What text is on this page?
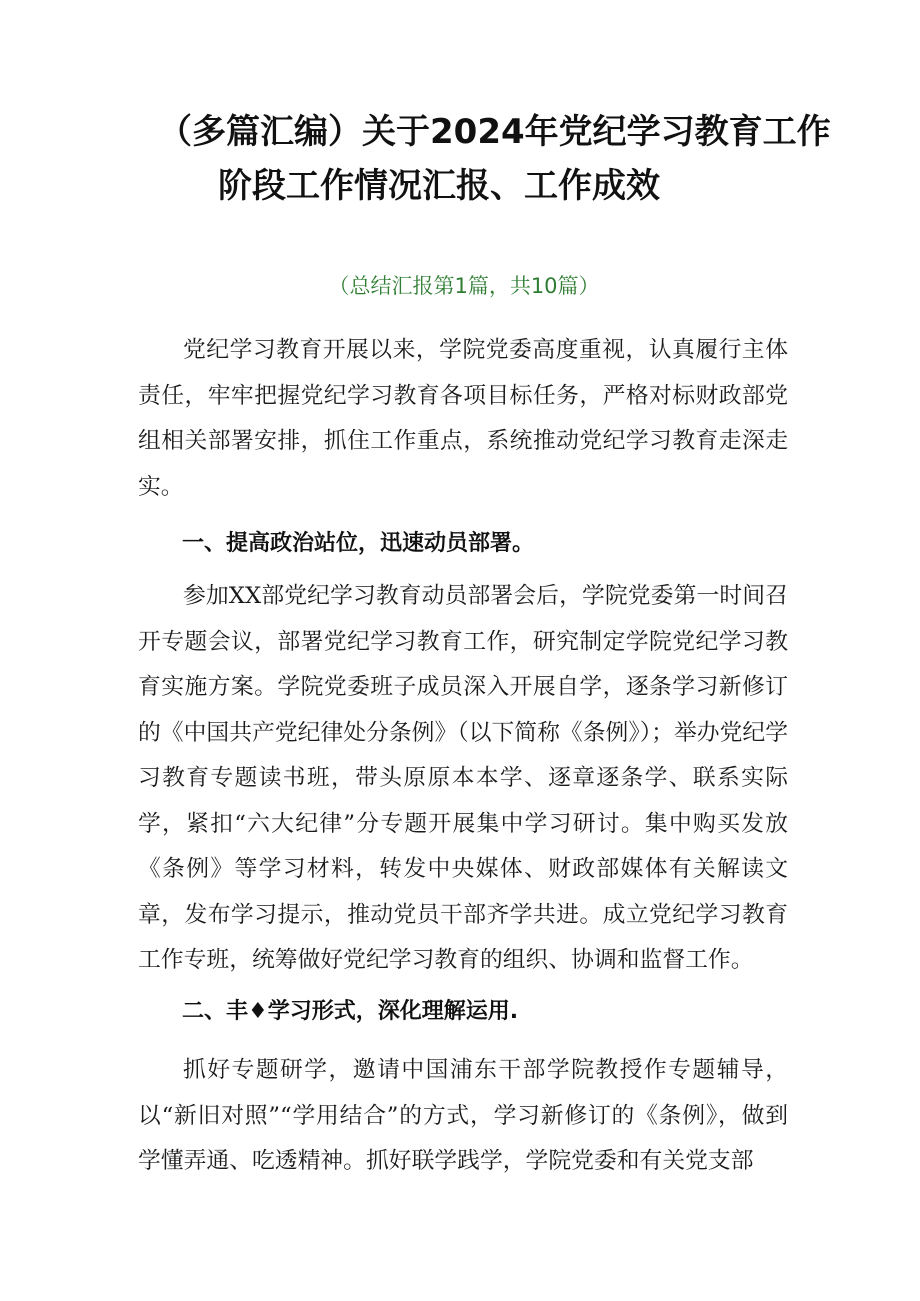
（多篇汇编）关于2024年党纪学习教育工作
阶段工作情况汇报、工作成效
（总结汇报第1篇，共10篇）

党纪学习教育开展以来，学院党委高度重视，认真履行主体责任，牢牢把握党纪学习教育各项目标任务，严格对标财政部党组相关部署安排，抓住工作重点，系统推动党纪学习教育走深走实。

一、提高政治站位，迅速动员部署。

参加XX部党纪学习教育动员部署会后，学院党委第一时间召开专题会议，部署党纪学习教育工作，研究制定学院党纪学习教育实施方案。学院党委班子成员深入开展自学，逐条学习新修订的《中国共产党纪律处分条例》（以下简称《条例》）；举办党纪学习教育专题读书班，带头原原本本学、逐章逐条学、联系实际学，紧扣“六大纪律”分专题开展集中学习研讨。集中购买发放《条例》等学习材料，转发中央媒体、财政部媒体有关解读文章，发布学习提示，推动党员干部齐学共进。成立党纪学习教育工作专班，统筹做好党纪学习教育的组织、协调和监督工作。

二、丰♦学习形式，深化理解运用.

抓好专题研学，邀请中国浦东干部学院教授作专题辅导，以“新旧对照”“学用结合”的方式，学习新修订的《条例》，做到学懂弄通、吃透精神。抓好联学践学，学院党委和有关党支部
